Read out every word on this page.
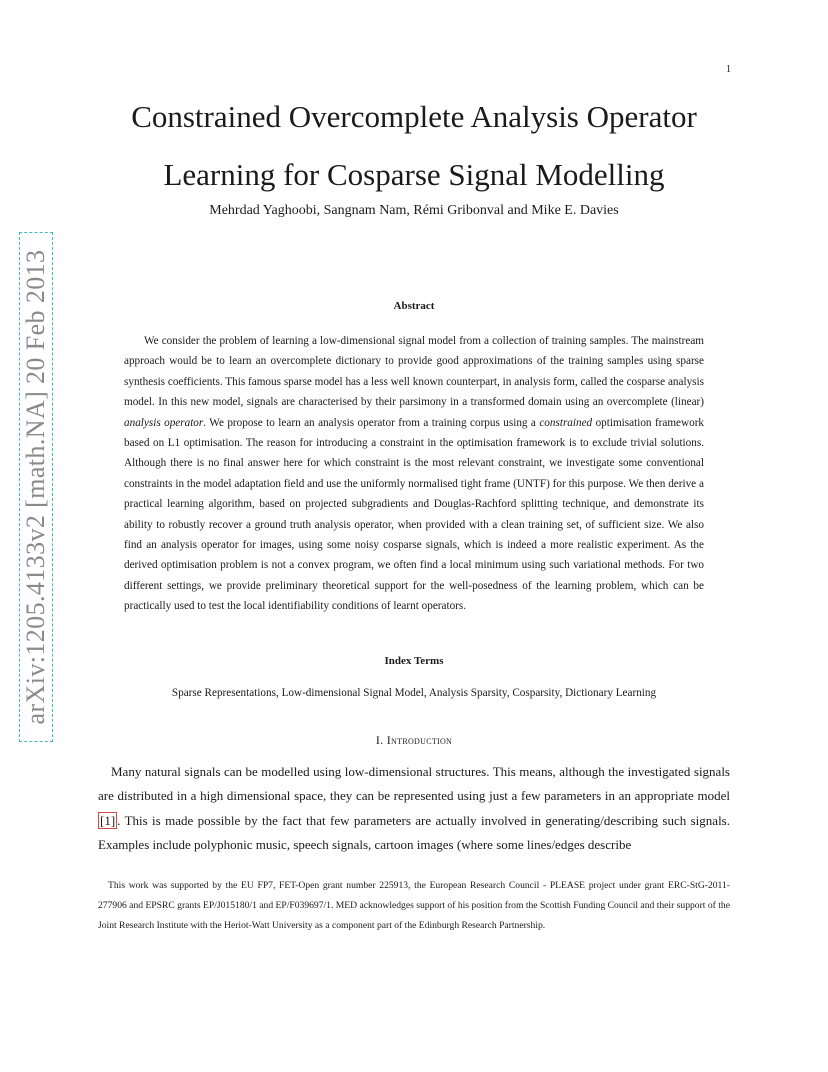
1
arXiv:1205.4133v2 [math.NA] 20 Feb 2013
Constrained Overcomplete Analysis Operator
Learning for Cosparse Signal Modelling
Mehrdad Yaghoobi, Sangnam Nam, Rémi Gribonval and Mike E. Davies
Abstract

We consider the problem of learning a low-dimensional signal model from a collection of training samples. The mainstream approach would be to learn an overcomplete dictionary to provide good approximations of the training samples using sparse synthesis coefficients. This famous sparse model has a less well known counterpart, in analysis form, called the cosparse analysis model. In this new model, signals are characterised by their parsimony in a transformed domain using an overcomplete (linear) analysis operator. We propose to learn an analysis operator from a training corpus using a constrained optimisation framework based on L1 optimisation. The reason for introducing a constraint in the optimisation framework is to exclude trivial solutions. Although there is no final answer here for which constraint is the most relevant constraint, we investigate some conventional constraints in the model adaptation field and use the uniformly normalised tight frame (UNTF) for this purpose. We then derive a practical learning algorithm, based on projected subgradients and Douglas-Rachford splitting technique, and demonstrate its ability to robustly recover a ground truth analysis operator, when provided with a clean training set, of sufficient size. We also find an analysis operator for images, using some noisy cosparse signals, which is indeed a more realistic experiment. As the derived optimisation problem is not a convex program, we often find a local minimum using such variational methods. For two different settings, we provide preliminary theoretical support for the well-posedness of the learning problem, which can be practically used to test the local identifiability conditions of learnt operators.

Index Terms
Sparse Representations, Low-dimensional Signal Model, Analysis Sparsity, Cosparsity, Dictionary Learning
I. Introduction

Many natural signals can be modelled using low-dimensional structures. This means, although the investigated signals are distributed in a high dimensional space, they can be represented using just a few parameters in an appropriate model [1] . This is made possible by the fact that few parameters are actually involved in generating/describing such signals. Examples include polyphonic music, speech signals, cartoon images (where some lines/edges describe

This work was supported by the EU FP7, FET-Open grant number 225913, the European Research Council - PLEASE project under grant ERC-StG-2011-277906 and EPSRC grants EP/J015180/1 and EP/F039697/1. MED acknowledges support of his position from the Scottish Funding Council and their support of the Joint Research Institute with the Heriot-Watt University as a component part of the Edinburgh Research Partnership.
